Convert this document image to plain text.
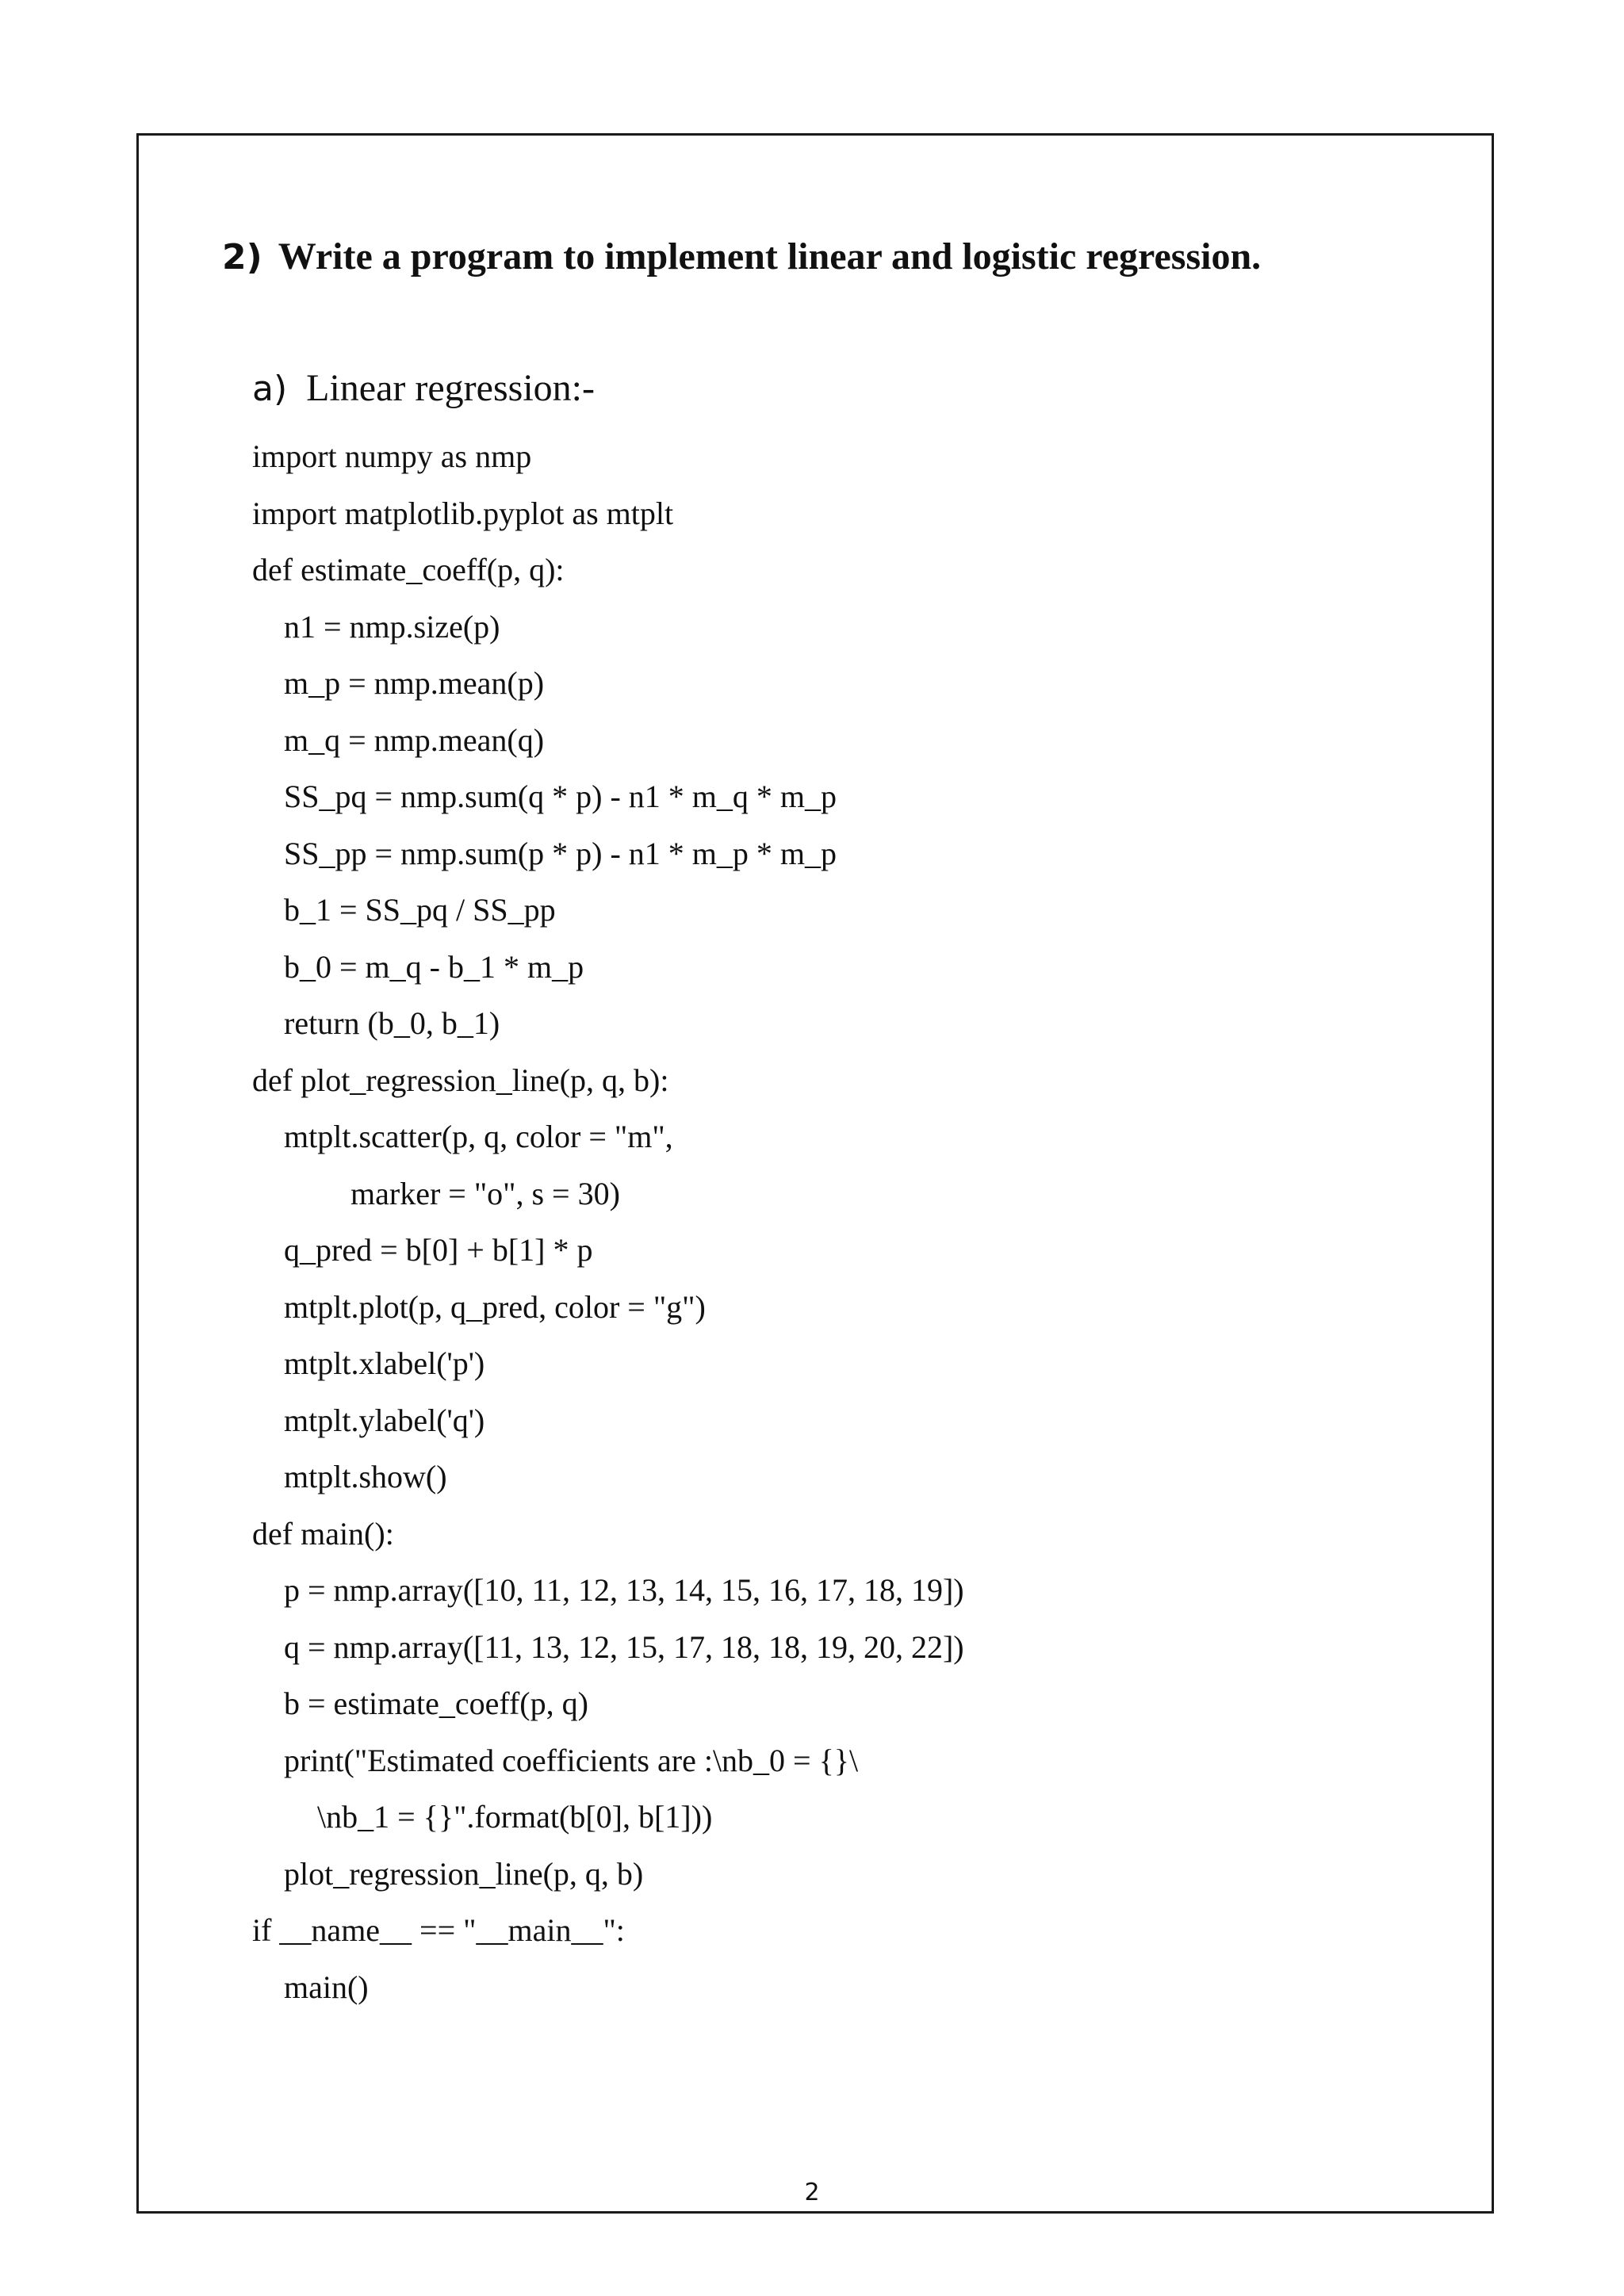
2) Write a program to implement linear and logistic regression.
a) Linear regression:-
import numpy as nmp
import matplotlib.pyplot as mtplt
def estimate_coeff(p, q):
n1 = nmp.size(p)
m_p = nmp.mean(p)
m_q = nmp.mean(q)
SS_pq = nmp.sum(q * p) - n1 * m_q * m_p
SS_pp = nmp.sum(p * p) - n1 * m_p * m_p
b_1 = SS_pq / SS_pp
b_0 = m_q - b_1 * m_p
return (b_0, b_1)
def plot_regression_line(p, q, b):
mtplt.scatter(p, q, color = "m",
marker = "o", s = 30)
q_pred = b[0] + b[1] * p
mtplt.plot(p, q_pred, color = "g")
mtplt.xlabel('p')
mtplt.ylabel('q')
mtplt.show()
def main():
p = nmp.array([10, 11, 12, 13, 14, 15, 16, 17, 18, 19])
q = nmp.array([11, 13, 12, 15, 17, 18, 18, 19, 20, 22])
b = estimate_coeff(p, q)
print("Estimated coefficients are :\nb_0 = {}\
\nb_1 = {}".format(b[0], b[1]))
plot_regression_line(p, q, b)
if __name__ == "__main__":
main()
2
